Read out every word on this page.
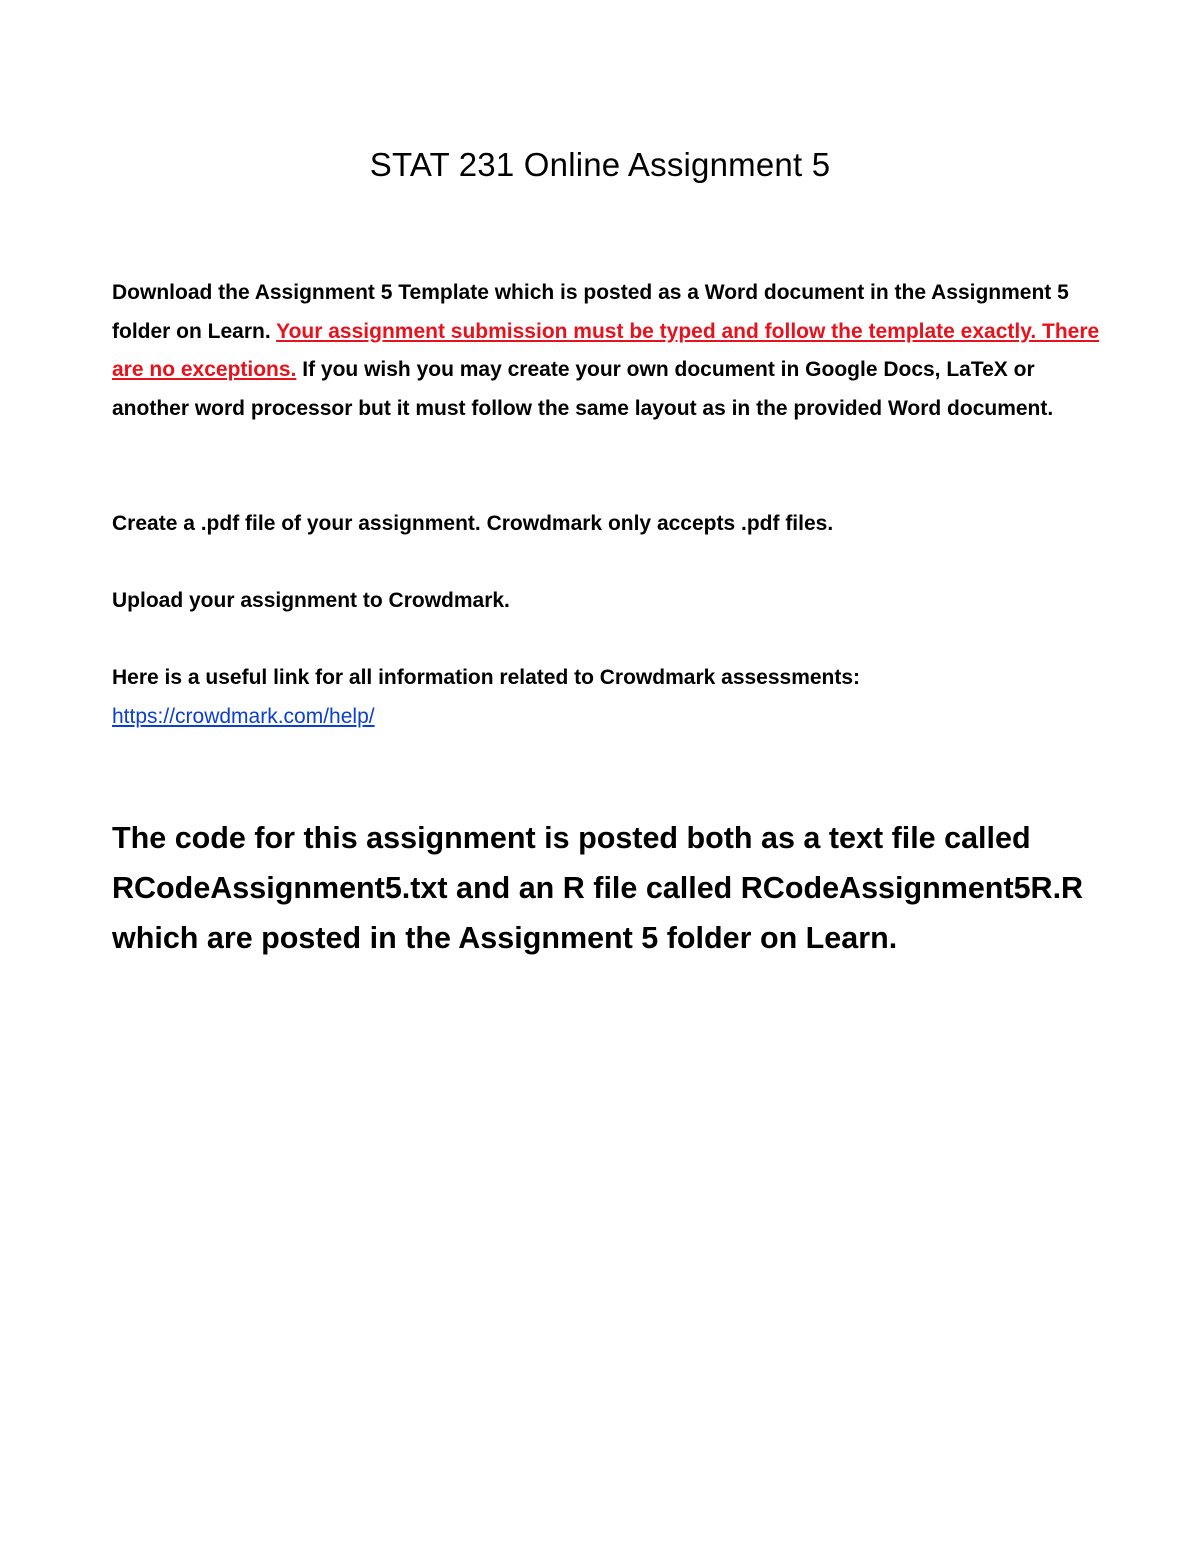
STAT 231 Online Assignment 5

Download the Assignment 5 Template which is posted as a Word document in the Assignment 5 folder on Learn. Your assignment submission must be typed and follow the template exactly. There are no exceptions. If you wish you may create your own document in Google Docs, LaTeX or another word processor but it must follow the same layout as in the provided Word document.

Create a .pdf file of your assignment. Crowdmark only accepts .pdf files.

Upload your assignment to Crowdmark.

Here is a useful link for all information related to Crowdmark assessments:
https://crowdmark.com/help/

The code for this assignment is posted both as a text file called RCodeAssignment5.txt and an R file called RCodeAssignment5R.R which are posted in the Assignment 5 folder on Learn.
